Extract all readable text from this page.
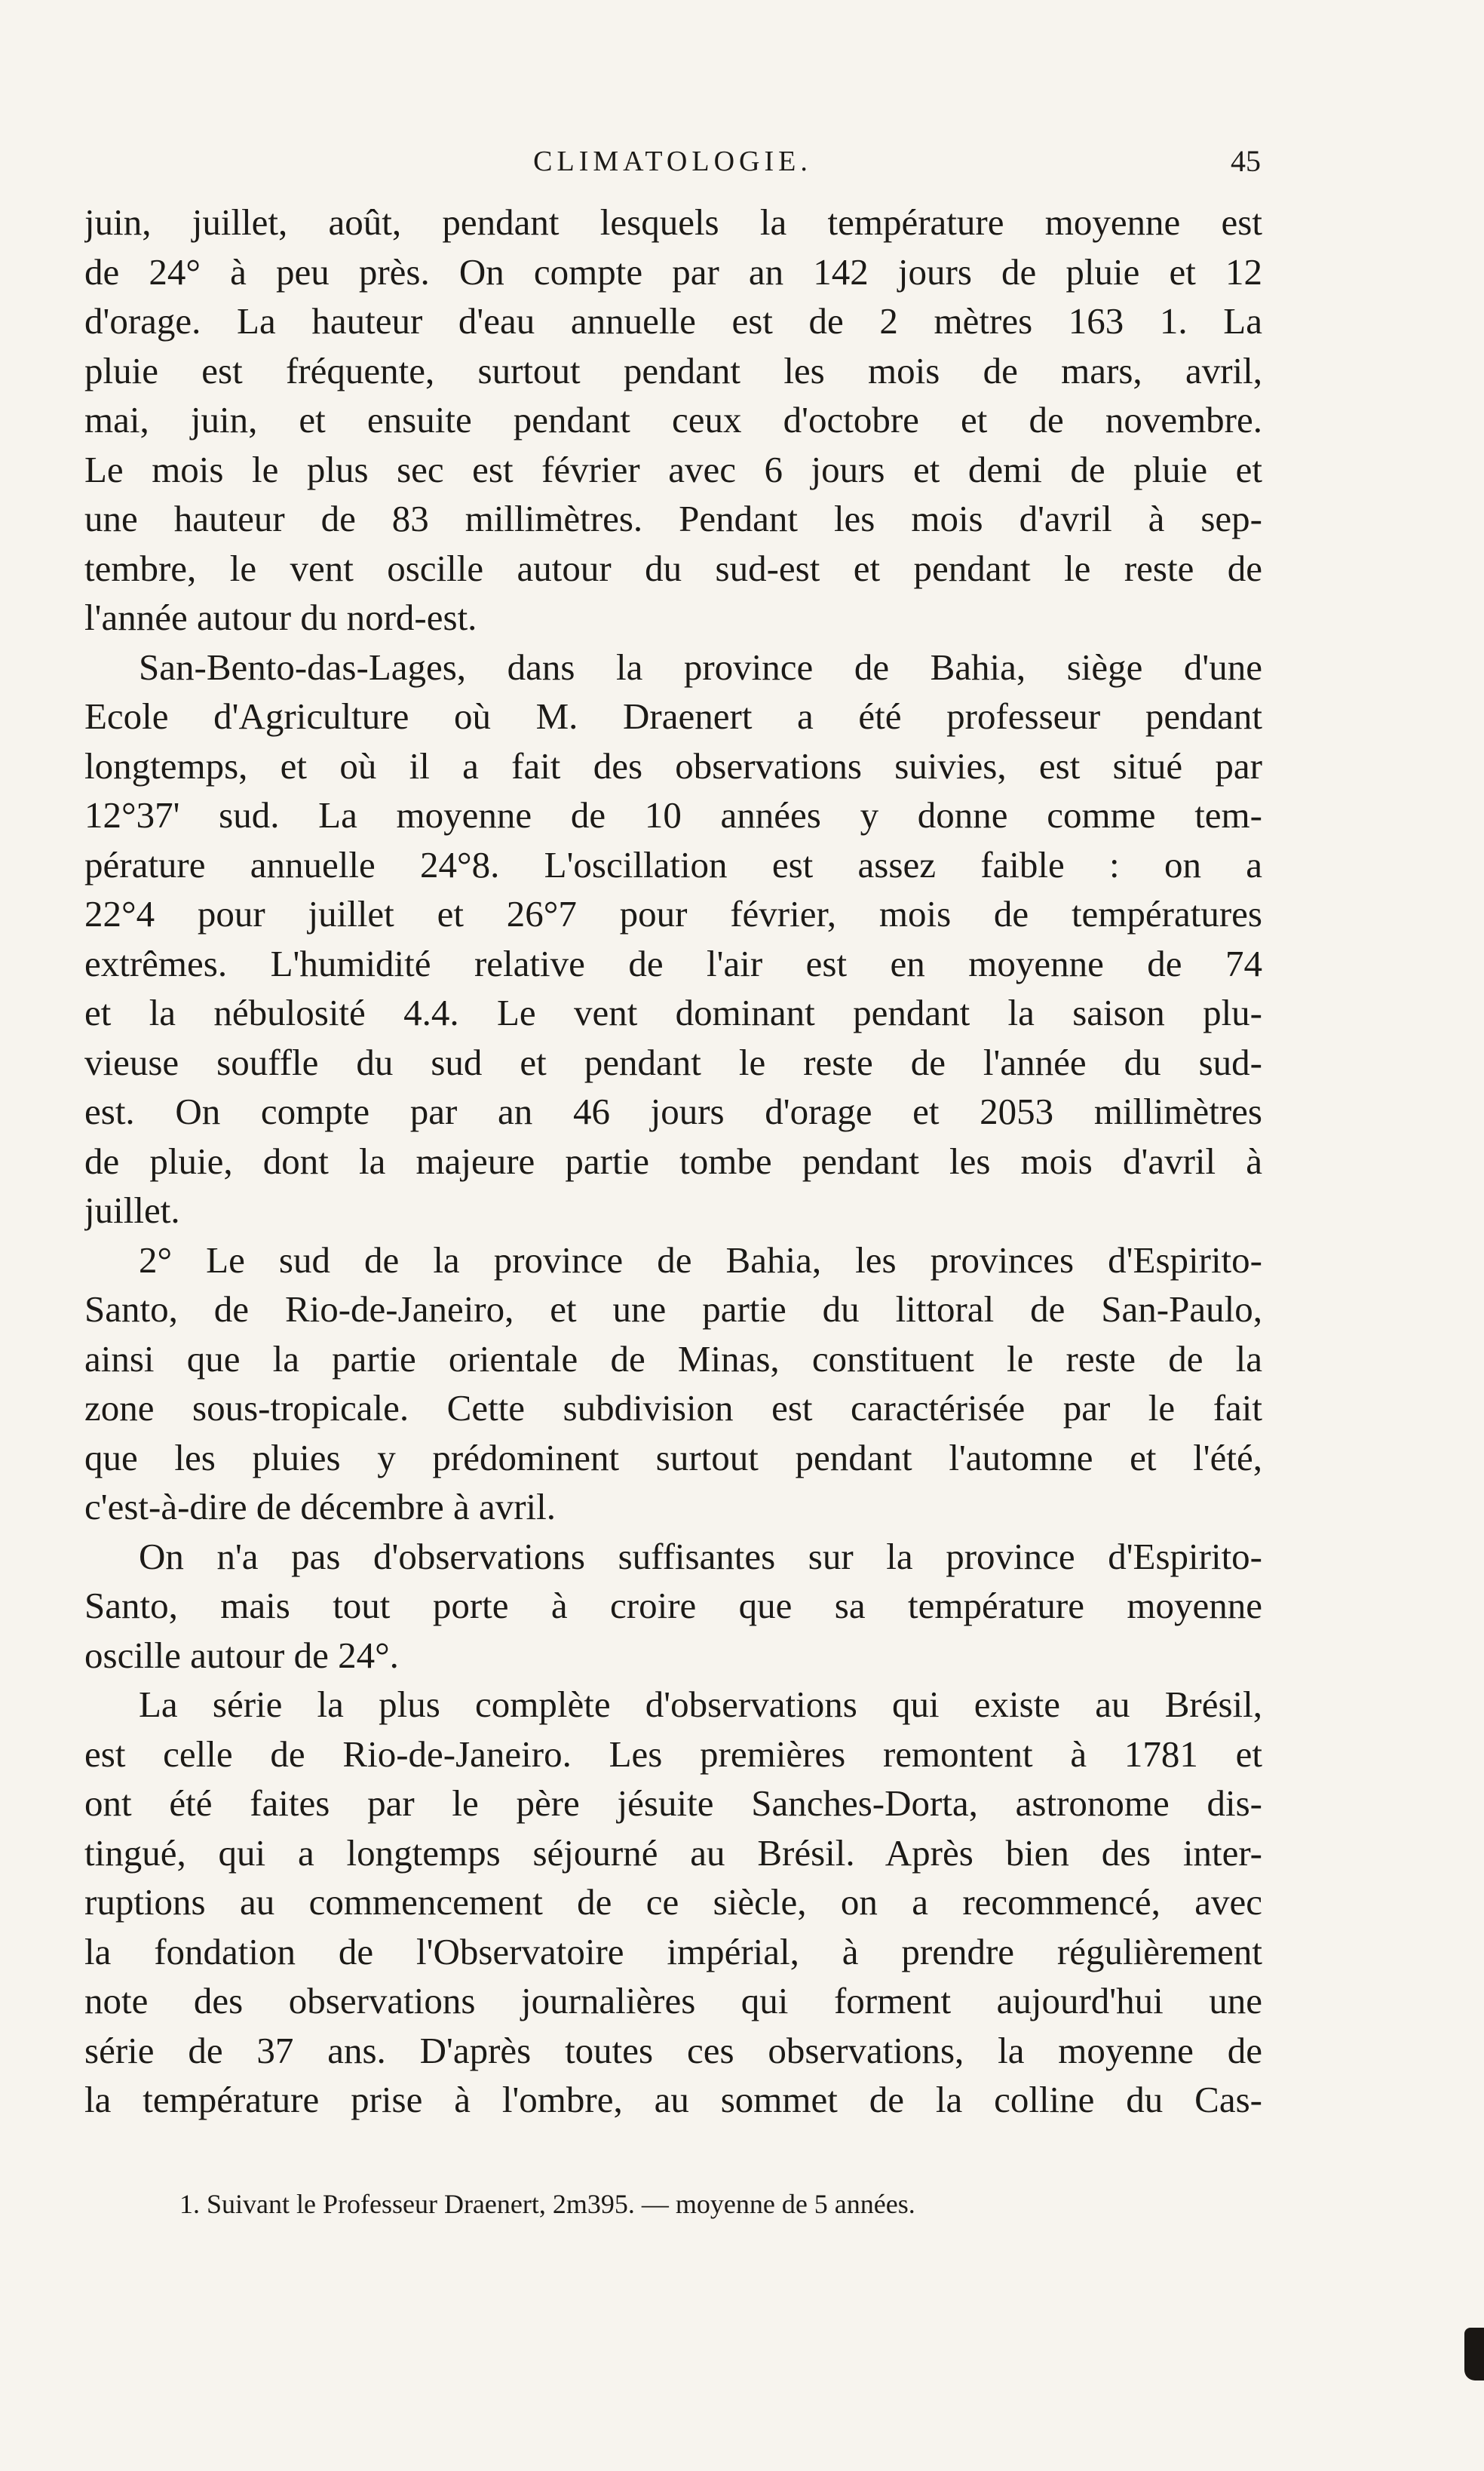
CLIMATOLOGIE.	45
juin, juillet, août, pendant lesquels la température moyenne est
de 24° à peu près. On compte par an 142 jours de pluie et 12
d'orage. La hauteur d'eau annuelle est de 2 mètres 163 1. La
pluie est fréquente, surtout pendant les mois de mars, avril,
mai, juin, et ensuite pendant ceux d'octobre et de novembre.
Le mois le plus sec est février avec 6 jours et demi de pluie et
une hauteur de 83 millimètres. Pendant les mois d'avril à sep-
tembre, le vent oscille autour du sud-est et pendant le reste de
l'année autour du nord-est.
San-Bento-das-Lages, dans la province de Bahia, siège d'une
Ecole d'Agriculture où M. Draenert a été professeur pendant
longtemps, et où il a fait des observations suivies, est situé par
12°37' sud. La moyenne de 10 années y donne comme tem-
pérature annuelle 24°8. L'oscillation est assez faible : on a
22°4 pour juillet et 26°7 pour février, mois de températures
extrêmes. L'humidité relative de l'air est en moyenne de 74
et la nébulosité 4.4. Le vent dominant pendant la saison plu-
vieuse souffle du sud et pendant le reste de l'année du sud-
est. On compte par an 46 jours d'orage et 2053 millimètres
de pluie, dont la majeure partie tombe pendant les mois d'avril à
juillet.
2° Le sud de la province de Bahia, les provinces d'Espirito-
Santo, de Rio-de-Janeiro, et une partie du littoral de San-Paulo,
ainsi que la partie orientale de Minas, constituent le reste de la
zone sous-tropicale. Cette subdivision est caractérisée par le fait
que les pluies y prédominent surtout pendant l'automne et l'été,
c'est-à-dire de décembre à avril.
On n'a pas d'observations suffisantes sur la province d'Espirito-
Santo, mais tout porte à croire que sa température moyenne
oscille autour de 24°.
La série la plus complète d'observations qui existe au Brésil,
est celle de Rio-de-Janeiro. Les premières remontent à 1781 et
ont été faites par le père jésuite Sanches-Dorta, astronome dis-
tingué, qui a longtemps séjourné au Brésil. Après bien des inter-
ruptions au commencement de ce siècle, on a recommencé, avec
la fondation de l'Observatoire impérial, à prendre régulièrement
note des observations journalières qui forment aujourd'hui une
série de 37 ans. D'après toutes ces observations, la moyenne de
la température prise à l'ombre, au sommet de la colline du Cas-
1. Suivant le Professeur Draenert, 2m395. — moyenne de 5 années.
